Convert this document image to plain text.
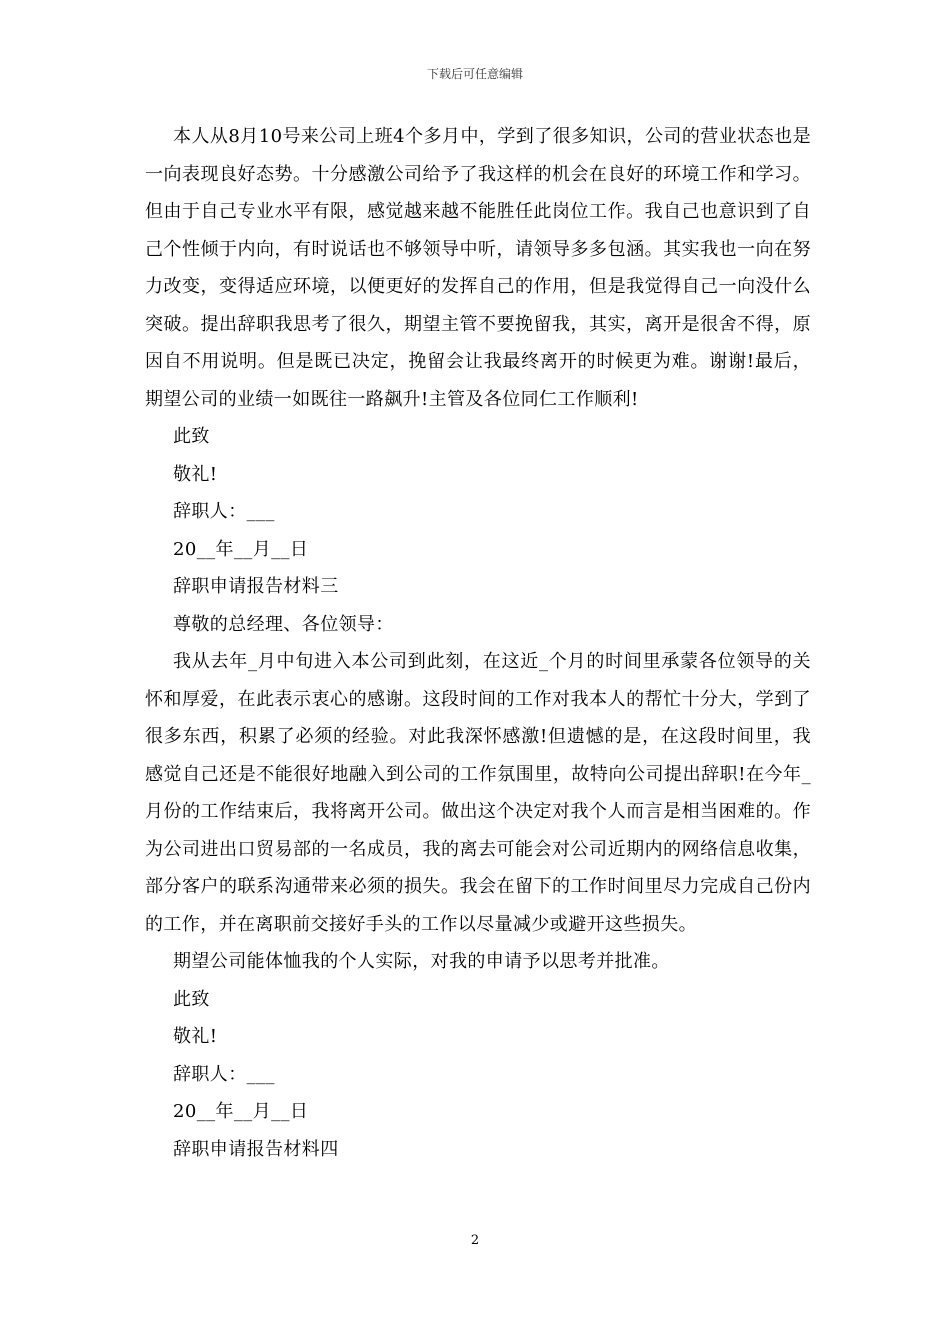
下载后可任意编辑

本人从8月10号来公司上班4个多月中，学到了很多知识，公司的营业状态也是一向表现良好态势。十分感激公司给予了我这样的机会在良好的环境工作和学习。但由于自己专业水平有限，感觉越来越不能胜任此岗位工作。我自己也意识到了自己个性倾于内向，有时说话也不够领导中听，请领导多多包涵。其实我也一向在努力改变，变得适应环境，以便更好的发挥自己的作用，但是我觉得自己一向没什么突破。提出辞职我思考了很久，期望主管不要挽留我，其实，离开是很舍不得，原因自不用说明。但是既已决定，挽留会让我最终离开的时候更为难。谢谢!最后，期望公司的业绩一如既往一路飙升!主管及各位同仁工作顺利!

此致

敬礼!

辞职人：___

20__年__月__日

辞职申请报告材料三

尊敬的总经理、各位领导：

我从去年_月中旬进入本公司到此刻，在这近_个月的时间里承蒙各位领导的关怀和厚爱，在此表示衷心的感谢。这段时间的工作对我本人的帮忙十分大，学到了很多东西，积累了必须的经验。对此我深怀感激!但遗憾的是，在这段时间里，我感觉自己还是不能很好地融入到公司的工作氛围里，故特向公司提出辞职!在今年_月份的工作结束后，我将离开公司。做出这个决定对我个人而言是相当困难的。作为公司进出口贸易部的一名成员，我的离去可能会对公司近期内的网络信息收集，部分客户的联系沟通带来必须的损失。我会在留下的工作时间里尽力完成自己份内的工作，并在离职前交接好手头的工作以尽量减少或避开这些损失。

期望公司能体恤我的个人实际，对我的申请予以思考并批准。

此致

敬礼!

辞职人：___

20__年__月__日

辞职申请报告材料四

2
